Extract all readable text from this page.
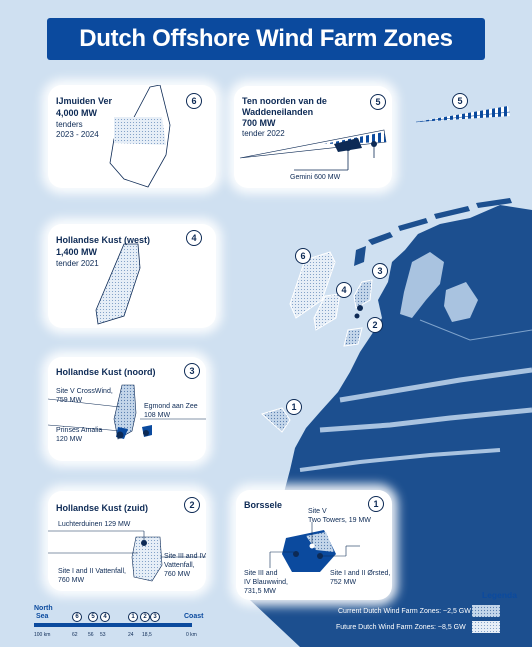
Dutch Offshore Wind Farm Zones
IJmuiden Ver
4,000 MW
tenders
2023 - 2024
6	Ten noorden van de
Waddeneilanden
700 MW
tender 2022
Gemini 600 MW
5
Hollandse Kust (west)
1,400 MW
tender 2021
4
Hollandse Kust (noord)
Site V CrossWind,
759 MW
Egmond aan Zee
108 MW
Prinses Amalia
120 MW
3
Hollandse Kust (zuid)
Luchterduinen 129 MW
Site I and II Vattenfall,
760 MW
Site III and IV
Vattenfall,
760 MW
2	Borssele
Site V
Two Towers, 19 MW
Site III and
IV Blauwwind,
731,5 MW
Site I and II Ørsted,
752 MW
1
6
5
4
3
2
1
North
Sea	Coast
100 km	0 km
6	5	4	1	2	3
62 56 53	24 18,5
Legenda
Current Dutch Wind Farm Zones: ~2,5 GW
Future Dutch Wind Farm Zones: ~8,5 GW
